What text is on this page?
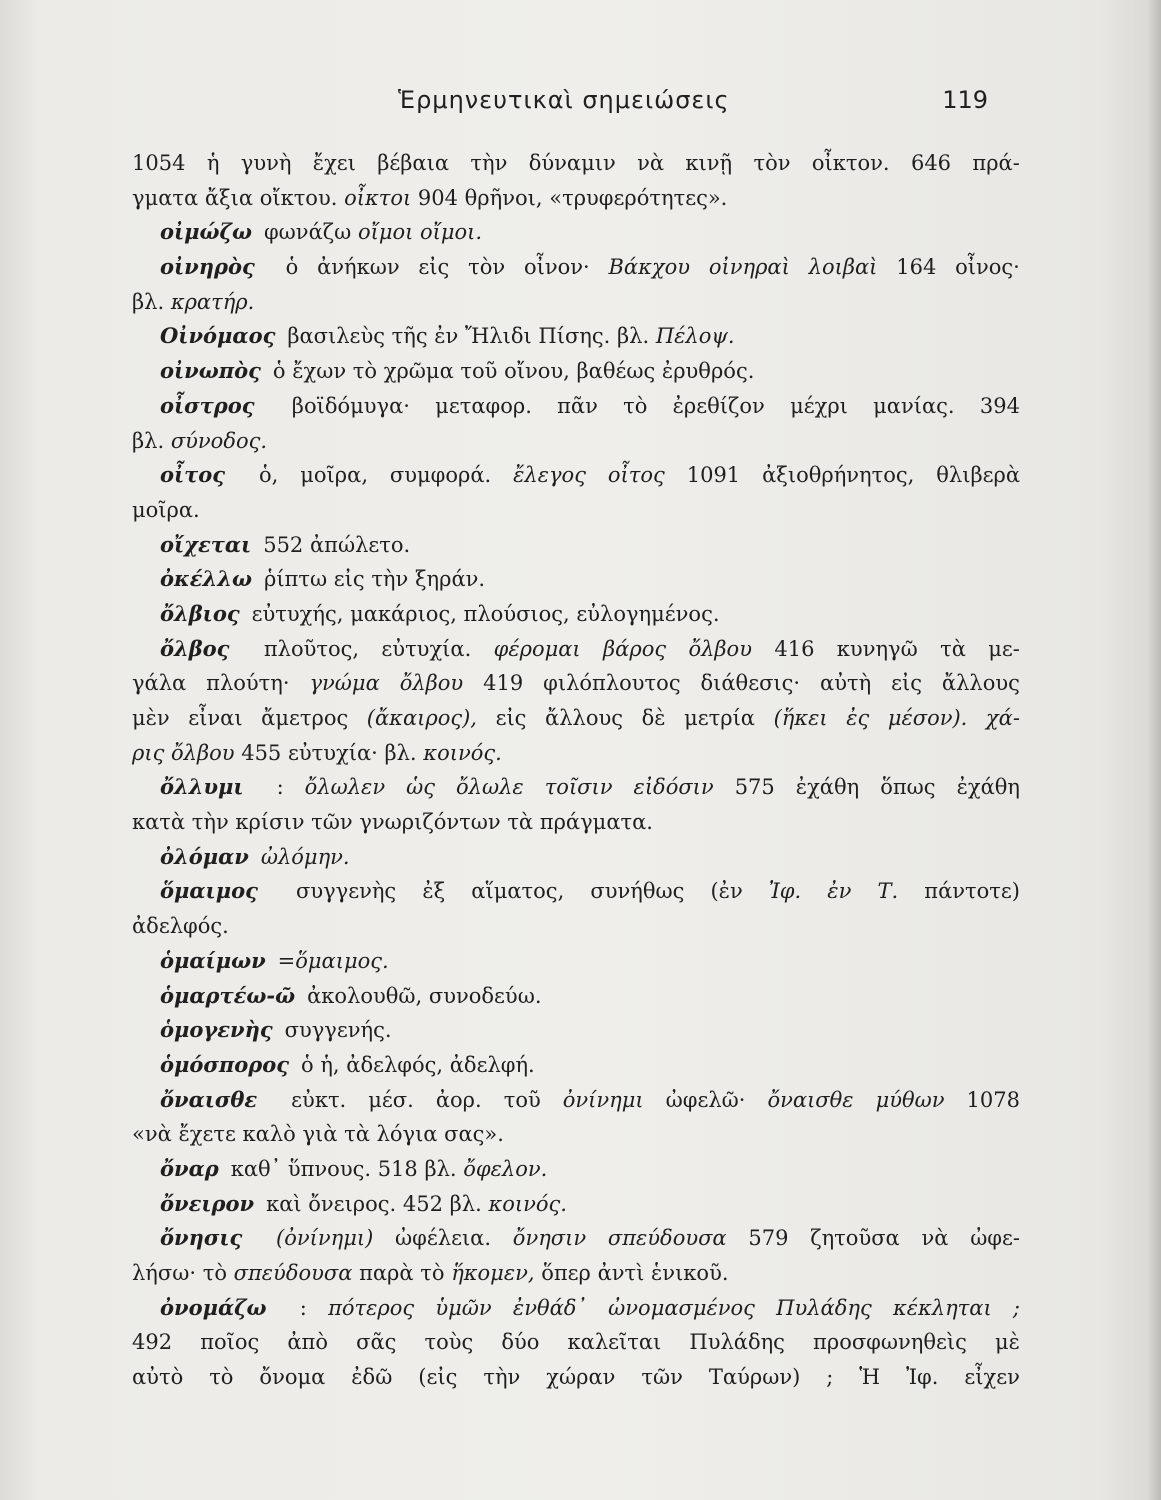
Ἑρμηνευτικαὶ σημειώσεις	119
1054 ἡ γυνὴ ἔχει βέβαια τὴν δύναμιν νὰ κινῇ τὸν οἶκτον. 646 πρά-
γματα ἄξια οἴκτου. οἶκτοι 904 θρῆνοι, «τρυφερότητες».
οἰμώζω φωνάζω οἴμοι οἴμοι.
οἰνηρὸς ὁ ἀνήκων εἰς τὸν οἶνον· Βάκχου οἰνηραὶ λοιβαὶ 164 οἶνος·
βλ. κρατήρ.
Οἰνόμαος βασιλεὺς τῆς ἐν Ἤλιδι Πίσης. βλ. Πέλοψ.
οἰνωπὸς ὁ ἔχων τὸ χρῶμα τοῦ οἴνου, βαθέως ἐρυθρός.
οἶστρος βοϊδόμυγα· μεταφορ. πᾶν τὸ ἐρεθίζον μέχρι μανίας. 394
βλ. σύνοδος.
οἶτος ὁ, μοῖρα, συμφορά. ἔλεγος οἶτος 1091 ἀξιοθρήνητος, θλιβερὰ
μοῖρα.
οἴχεται 552 ἀπώλετο.
ὀκέλλω ῥίπτω εἰς τὴν ξηράν.
ὄλβιος εὐτυχής, μακάριος, πλούσιος, εὐλογημένος.
ὄλβος πλοῦτος, εὐτυχία. φέρομαι βάρος ὄλβου 416 κυνηγῶ τὰ με-
γάλα πλούτη· γνώμα ὄλβου 419 φιλόπλουτος διάθεσις· αὐτὴ εἰς ἄλλους
μὲν εἶναι ἄμετρος (ἄκαιρος), εἰς ἄλλους δὲ μετρία (ἥκει ἐς μέσον). χά-
ρις ὄλβου 455 εὐτυχία· βλ. κοινός.
ὄλλυμι : ὄλωλεν ὡς ὄλωλε τοῖσιν εἰδόσιν 575 ἐχάθη ὅπως ἐχάθη
κατὰ τὴν κρίσιν τῶν γνωριζόντων τὰ πράγματα.
ὀλόμαν ὠλόμην.
ὅμαιμος συγγενὴς ἐξ αἵματος, συνήθως (ἐν Ἰφ. ἐν Τ. πάντοτε)
ἀδελφός.
ὁμαίμων =ὅμαιμος.
ὁμαρτέω-ῶ ἀκολουθῶ, συνοδεύω.
ὁμογενὴς συγγενής.
ὁμόσπορος ὁ ἡ, ἀδελφός, ἀδελφή.
ὄναισθε εὐκτ. μέσ. ἀορ. τοῦ ὀνίνημι ὠφελῶ· ὄναισθε μύθων 1078
«νὰ ἔχετε καλὸ γιὰ τὰ λόγια σας».
ὄναρ καθ᾽ ὕπνους. 518 βλ. ὄφελον.
ὄνειρον καὶ ὄνειρος. 452 βλ. κοινός.
ὄνησις (ὀνίνημι) ὠφέλεια. ὄνησιν σπεύδουσα 579 ζητοῦσα νὰ ὠφε-
λήσω· τὸ σπεύδουσα παρὰ τὸ ἥκομεν, ὅπερ ἀντὶ ἑνικοῦ.
ὀνομάζω : πότερος ὑμῶν ἐνθάδ᾽ ὠνομασμένος Πυλάδης κέκληται ;
492 ποῖος ἀπὸ σᾶς τοὺς δύο καλεῖται Πυλάδης προσφωνηθεὶς μὲ
αὐτὸ τὸ ὄνομα ἐδῶ (εἰς τὴν χώραν τῶν Ταύρων) ; Ἡ Ἰφ. εἶχεν
